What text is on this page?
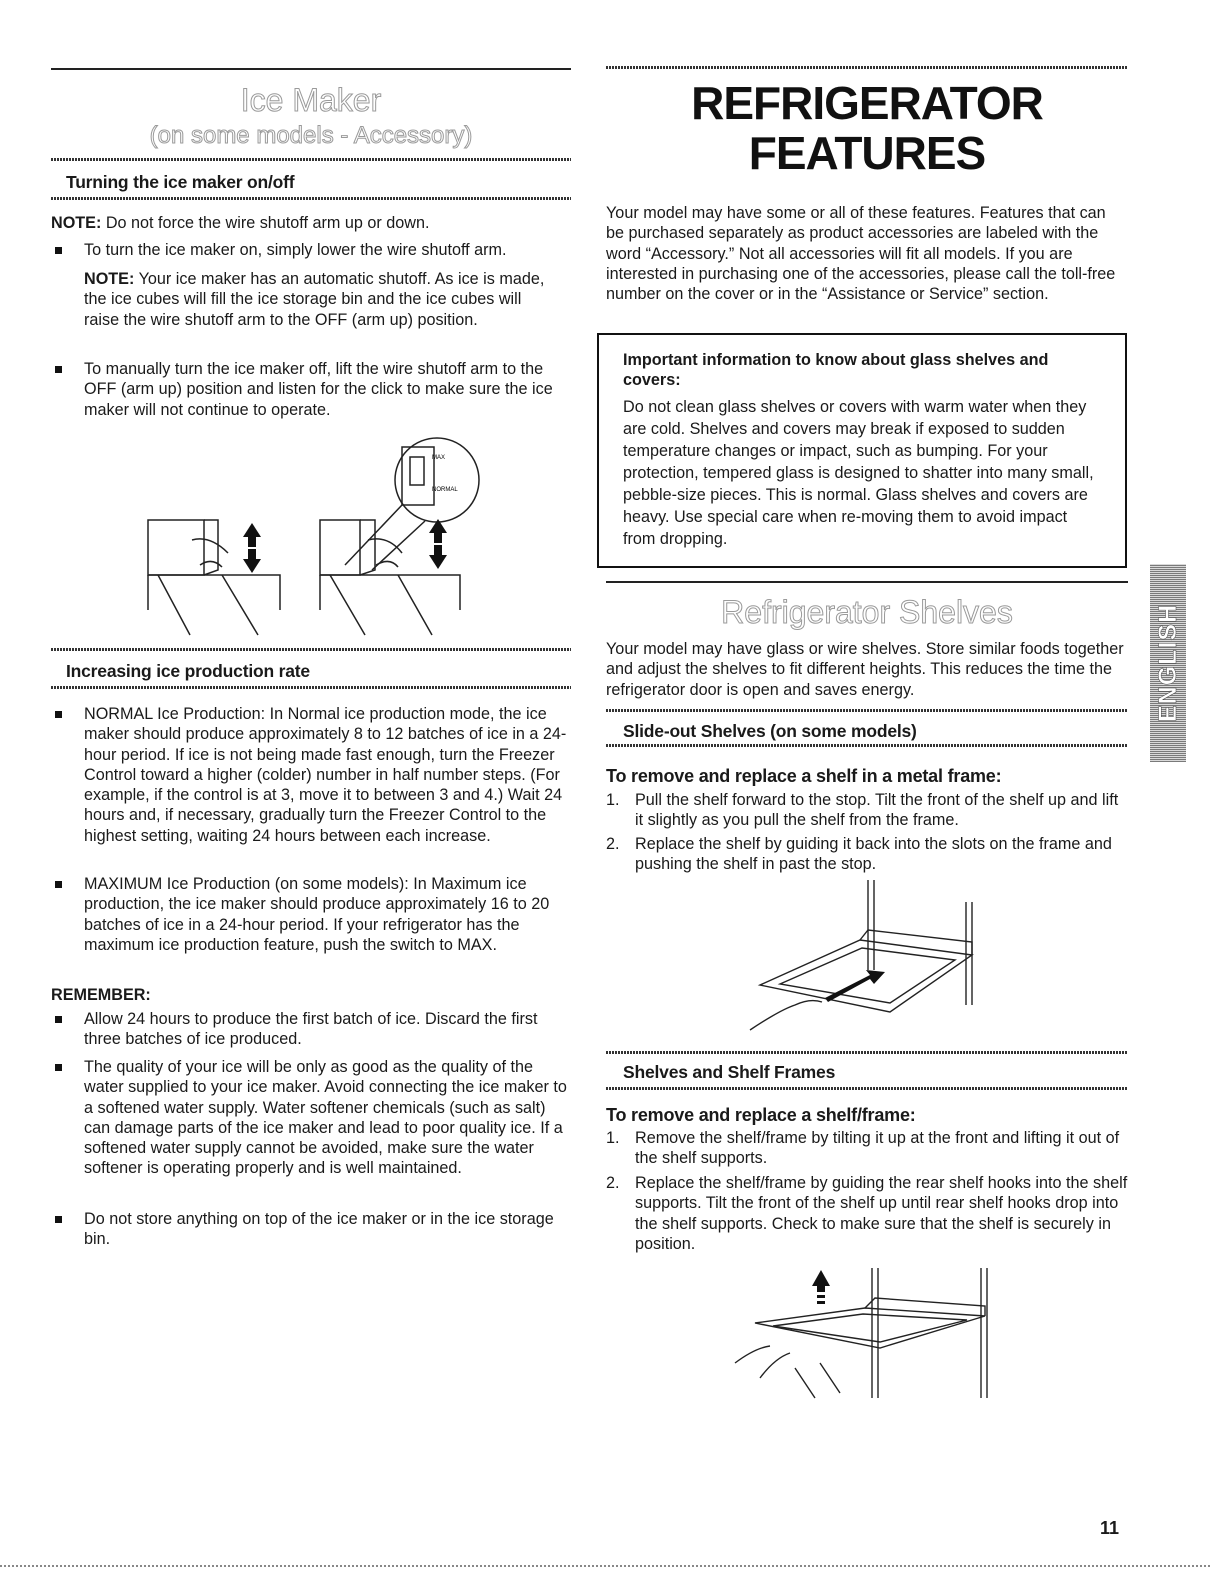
Ice Maker
(on some models - Accessory)
Turning the ice maker on/off

NOTE: Do not force the wire shutoff arm up or down.

To turn the ice maker on, simply lower the wire shutoff arm.

NOTE: Your ice maker has an automatic shutoff. As ice is made, the ice cubes will fill the ice storage bin and the ice cubes will raise the wire shutoff arm to the OFF (arm up) position.

To manually turn the ice maker off, lift the wire shutoff arm to the OFF (arm up) position and listen for the click to make sure the ice maker will not continue to operate.
MAX
NORMAL
Increasing ice production rate
NORMAL Ice Production: In Normal ice production mode, the ice maker should produce approximately 8 to 12 batches of ice in a 24-hour period. If ice is not being made fast enough, turn the Freezer Control toward a higher (colder) number in half number steps. (For example, if the control is at 3, move it to between 3 and 4.) Wait 24 hours and, if necessary, gradually turn the Freezer Control to the highest setting, waiting 24 hours between each increase.
MAXIMUM Ice Production (on some models): In Maximum ice production, the ice maker should produce approximately 16 to 20 batches of ice in a 24-hour period. If your refrigerator has the maximum ice production feature, push the switch to MAX.

REMEMBER:

Allow 24 hours to produce the first batch of ice. Discard the first three batches of ice produced.
The quality of your ice will be only as good as the quality of the water supplied to your ice maker. Avoid connecting the ice maker to a softened water supply. Water softener chemicals (such as salt) can damage parts of the ice maker and lead to poor quality ice. If a softened water supply cannot be avoided, make sure the water softener is operating properly and is well maintained.
Do not store anything on top of the ice maker or in the ice storage bin.
REFRIGERATOR
FEATURES

Your model may have some or all of these features. Features that can be purchased separately as product accessories are labeled with the word “Accessory.” Not all accessories will fit all models. If you are interested in purchasing one of the accessories, please call the toll-free number on the cover or in the “Assistance or Service” section.

Important information to know about glass shelves and covers:
Do not clean glass shelves or covers with warm water when they are cold. Shelves and covers may break if exposed to sudden temperature changes or impact, such as bumping. For your protection, tempered glass is designed to shatter into many small, pebble-size pieces. This is normal. Glass shelves and covers are heavy. Use special care when re-moving them to avoid impact from dropping.
Refrigerator Shelves

Your model may have glass or wire shelves. Store similar foods together and adjust the shelves to fit different heights. This reduces the time the refrigerator door is open and saves energy.

Slide-out Shelves (on some models)
To remove and replace a shelf in a metal frame:
1. Pull the shelf forward to the stop. Tilt the front of the shelf up and lift it slightly as you pull the shelf from the frame.
2. Replace the shelf by guiding it back into the slots on the frame and pushing the shelf in past the stop.
Shelves and Shelf Frames
To remove and replace a shelf/frame:
1. Remove the shelf/frame by tilting it up at the front and lifting it out of the shelf supports.
2. Replace the shelf/frame by guiding the rear shelf hooks into the shelf supports. Tilt the front of the shelf up until rear shelf hooks drop into the shelf supports. Check to make sure that the shelf is securely in position.
ENGLISH
11
